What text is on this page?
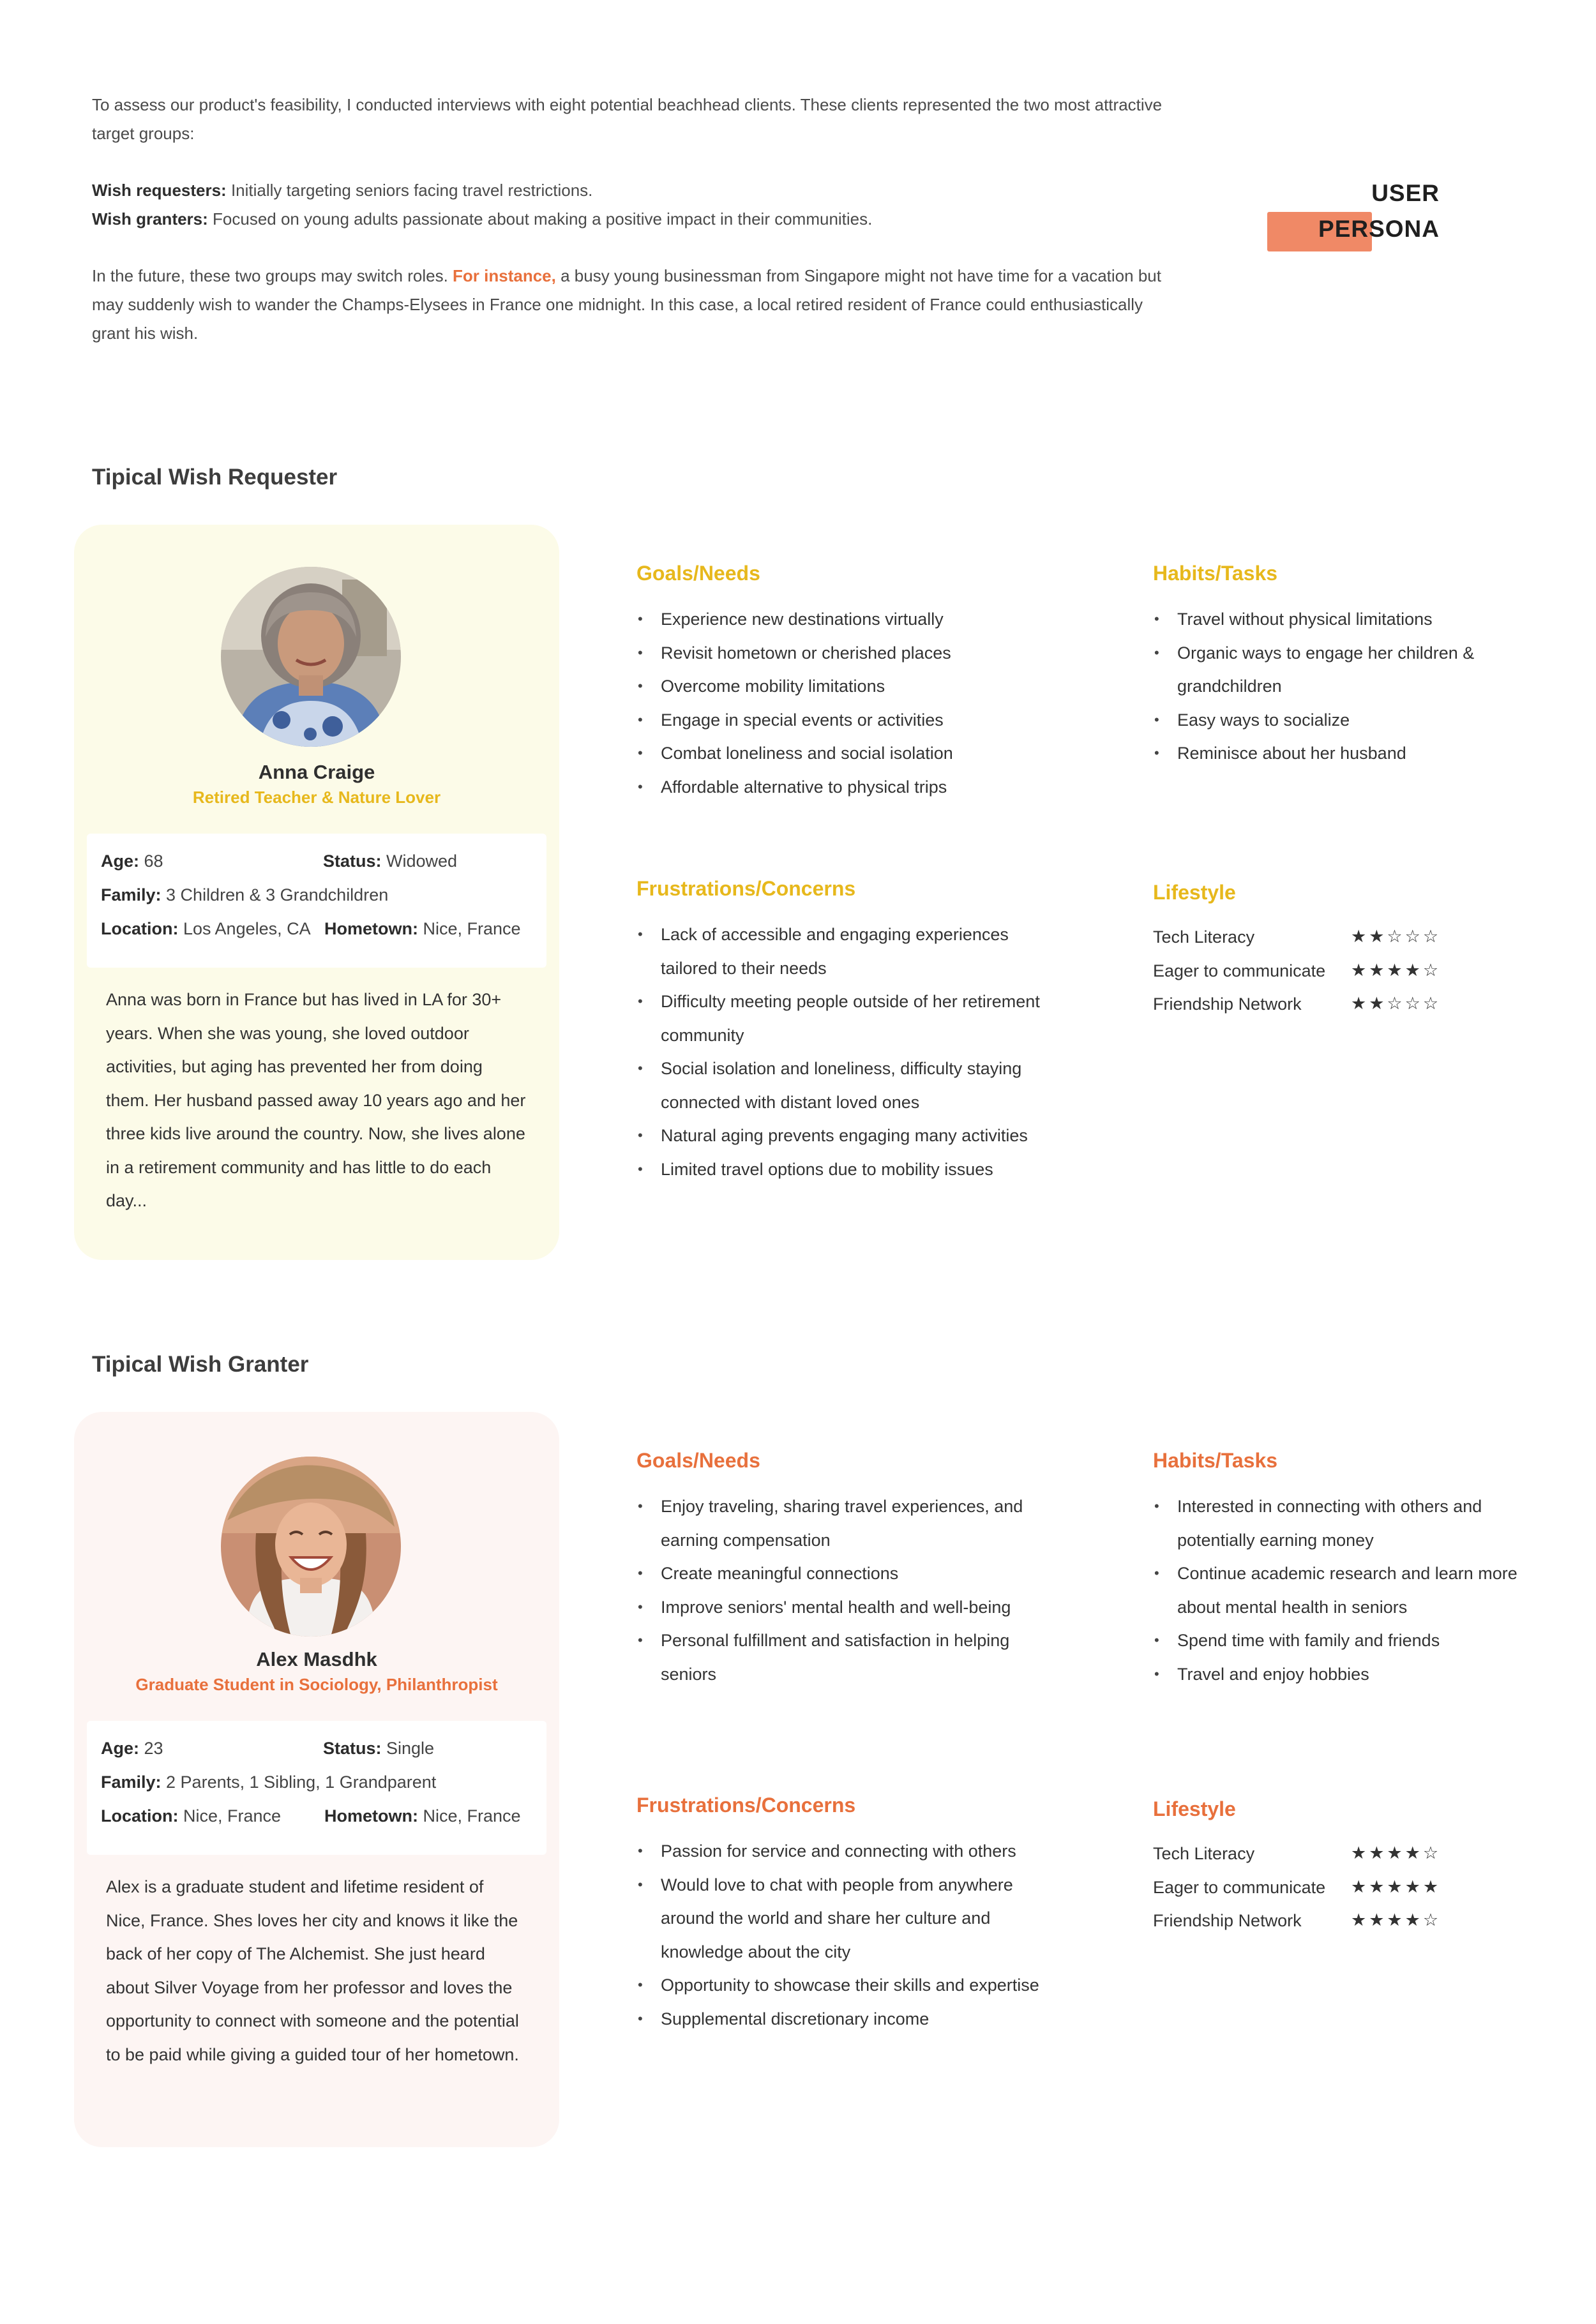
To assess our product's feasibility, I conducted interviews with eight potential beachhead clients. These clients represented the two most attractive target groups:

Wish requesters: Initially targeting seniors facing travel restrictions.
Wish granters: Focused on young adults passionate about making a positive impact in their communities.

In the future, these two groups may switch roles. For instance, a busy young businessman from Singapore might not have time for a vacation but may suddenly wish to wander the Champs-Elysees in France one midnight. In this case, a local retired resident of France could enthusiastically grant his wish.

USER
PERSONA
Tipical Wish Requester
Anna Craige
Retired Teacher & Nature Lover
Age: 68	Status: Widowed
Family: 3 Children & 3 Grandchildren
Location: Los Angeles, CA Hometown: Nice, France
Anna was born in France but has lived in LA for 30+ years. When she was young, she loved outdoor activities, but aging has prevented her from doing them. Her husband passed away 10 years ago and her three kids live around the country. Now, she lives alone in a retirement community and has little to do each day...
Goals/Needs
• Experience new destinations virtually
• Revisit hometown or cherished places
• Overcome mobility limitations
• Engage in special events or activities
• Combat loneliness and social isolation
• Affordable alternative to physical trips
Habits/Tasks
• Travel without physical limitations
• Organic ways to engage her children & grandchildren
• Easy ways to socialize
• Reminisce about her husband
Frustrations/Concerns
• Lack of accessible and engaging experiences tailored to their needs
• Difficulty meeting people outside of her retirement community
• Social isolation and loneliness, difficulty staying connected with distant loved ones
• Natural aging prevents engaging many activities
• Limited travel options due to mobility issues
Lifestyle
Tech Literacy	★★☆☆☆
Eager to communicate ★★★★☆
Friendship Network	★★☆☆☆
Tipical Wish Granter
Alex Masdhk
Graduate Student in Sociology, Philanthropist
Age: 23	Status: Single
Family: 2 Parents, 1 Sibling, 1 Grandparent
Location: Nice, France	Hometown: Nice, France
Alex is a graduate student and lifetime resident of Nice, France. Shes loves her city and knows it like the back of her copy of The Alchemist. She just heard about Silver Voyage from her professor and loves the opportunity to connect with someone and the potential to be paid while giving a guided tour of her hometown.
Goals/Needs
• Enjoy traveling, sharing travel experiences, and earning compensation
• Create meaningful connections
• Improve seniors' mental health and well-being
• Personal fulfillment and satisfaction in helping seniors
Habits/Tasks
• Interested in connecting with others and potentially earning money
• Continue academic research and learn more about mental health in seniors
• Spend time with family and friends
• Travel and enjoy hobbies
Frustrations/Concerns
• Passion for service and connecting with others
• Would love to chat with people from anywhere around the world and share her culture and knowledge about the city
• Opportunity to showcase their skills and expertise
• Supplemental discretionary income
Lifestyle
Tech Literacy	★★★★☆
Eager to communicate ★★★★★
Friendship Network	★★★★☆
